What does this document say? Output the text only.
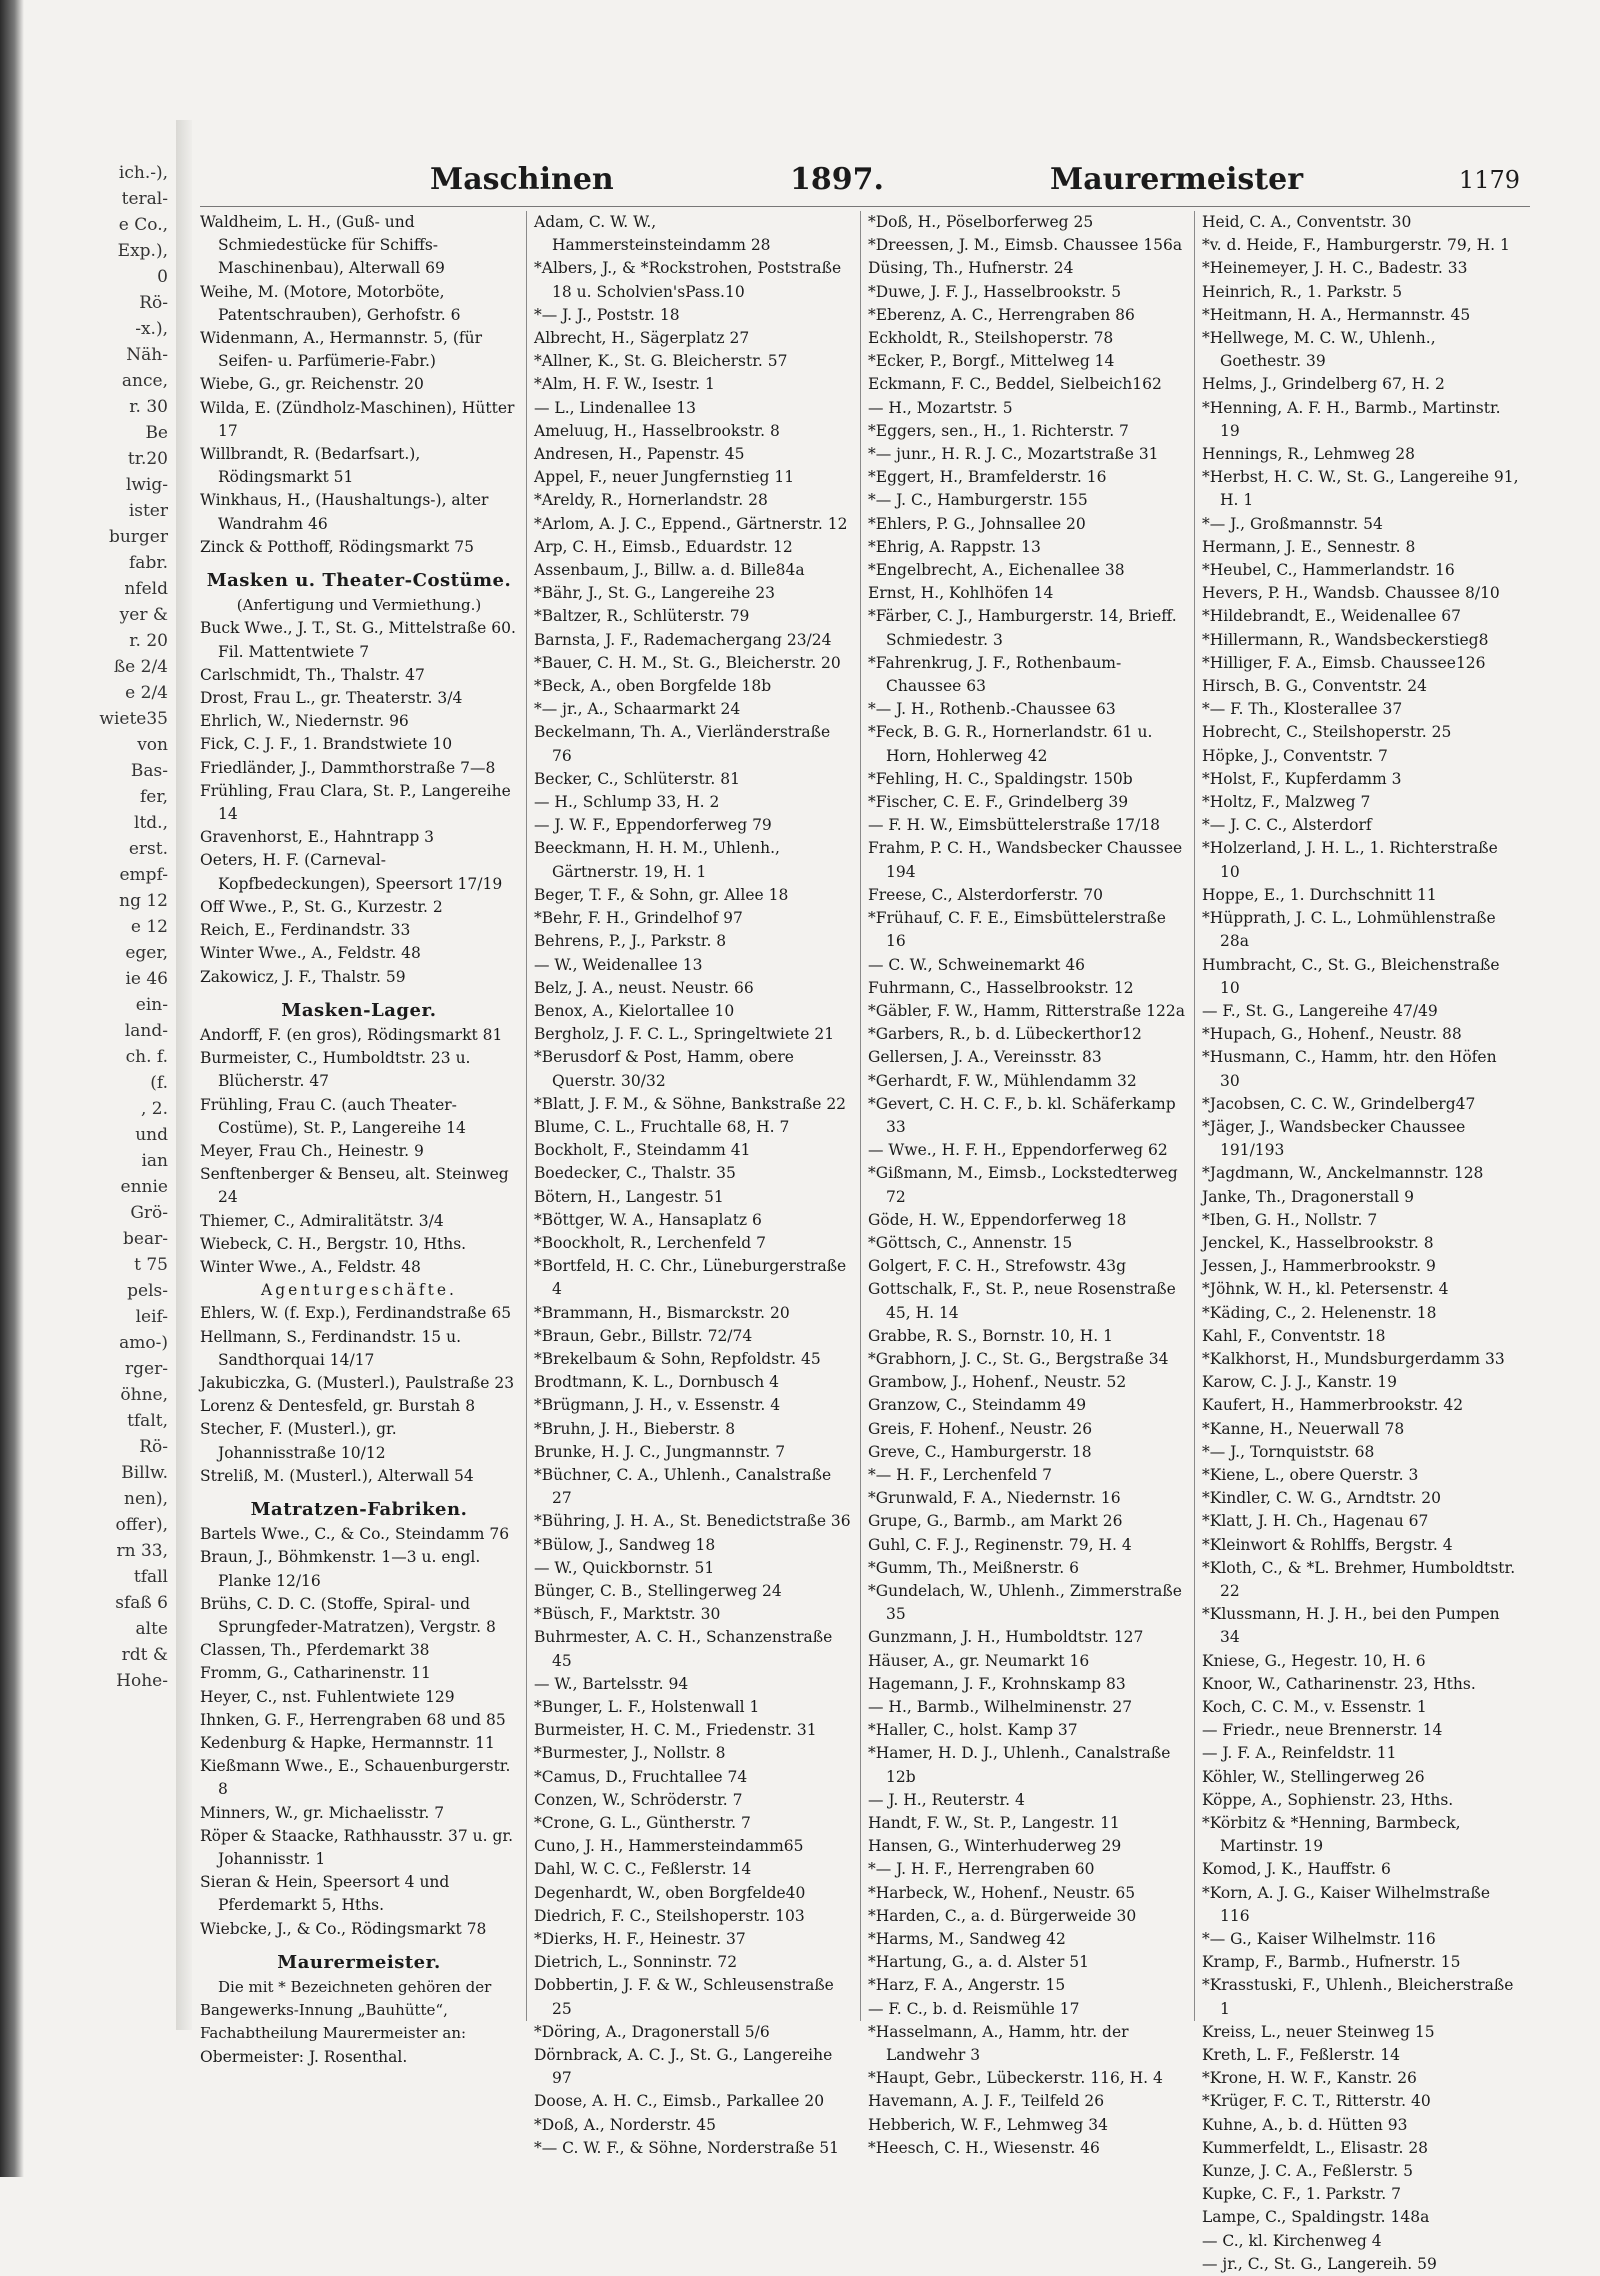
ich.-),
teral-
e Co.,
Exp.),
0
Rö-
-x.),
Näh-
ance,
r. 30
Be
tr.20
lwig-
ister
burger
fabr.
nfeld
yer &
r. 20
ße 2/4
e 2/4
wiete35
von
Bas-
fer,
ltd.,
erst.
empf-
ng 12
e 12
eger,
ie 46
ein-
land-
ch. f.
(f.
, 2.
und
ian
ennie
Grö-
bear-
t 75
pels-
leif-
amo-)
rger-
öhne,
tfalt,
Rö-
Billw.
nen),
offer),
rn 33,
tfall
sfaß 6
alte
rdt &
Hohe-
Maschinen	1897.	Maurermeister	1179

Waldheim, L. H., (Guß- und Schmiedestücke für Schiffs-Maschinenbau), Alterwall 69

Weihe, M. (Motore, Motorböte, Patentschrauben), Gerhofstr. 6

Widenmann, A., Hermannstr. 5, (für Seifen- u. Parfümerie-Fabr.)

Wiebe, G., gr. Reichenstr. 20

Wilda, E. (Zündholz-Maschinen), Hütter 17

Willbrandt, R. (Bedarfsart.), Rödingsmarkt 51

Winkhaus, H., (Haushaltungs-), alter Wandrahm 46

Zinck & Potthoff, Rödingsmarkt 75

Masken u. Theater-Costüme.
(Anfertigung und Vermiethung.)

Buck Wwe., J. T., St. G., Mittelstraße 60. Fil. Mattentwiete 7

Carlschmidt, Th., Thalstr. 47

Drost, Frau L., gr. Theaterstr. 3/4

Ehrlich, W., Niedernstr. 96

Fick, C. J. F., 1. Brandstwiete 10

Friedländer, J., Dammthorstraße 7—8

Frühling, Frau Clara, St. P., Langereihe 14

Gravenhorst, E., Hahntrapp 3

Oeters, H. F. (Carneval-Kopfbedeckungen), Speersort 17/19

Off Wwe., P., St. G., Kurzestr. 2

Reich, E., Ferdinandstr. 33

Winter Wwe., A., Feldstr. 48

Zakowicz, J. F., Thalstr. 59

Masken-Lager.

Andorff, F. (en gros), Rödingsmarkt 81

Burmeister, C., Humboldtstr. 23 u. Blücherstr. 47

Frühling, Frau C. (auch Theater-Costüme), St. P., Langereihe 14

Meyer, Frau Ch., Heinestr. 9

Senftenberger & Benseu, alt. Steinweg 24

Thiemer, C., Admiralitätstr. 3/4

Wiebeck, C. H., Bergstr. 10, Hths.

Winter Wwe., A., Feldstr. 48

Agenturgeschäfte.

Ehlers, W. (f. Exp.), Ferdinandstraße 65

Hellmann, S., Ferdinandstr. 15 u. Sandthorquai 14/17

Jakubiczka, G. (Musterl.), Paulstraße 23

Lorenz & Dentesfeld, gr. Burstah 8

Stecher, F. (Musterl.), gr. Johannisstraße 10/12

Streliß, M. (Musterl.), Alterwall 54

Matratzen-Fabriken.

Bartels Wwe., C., & Co., Steindamm 76

Braun, J., Böhmkenstr. 1—3 u. engl. Planke 12/16

Brühs, C. D. C. (Stoffe, Spiral- und Sprungfeder-Matratzen), Vergstr. 8

Classen, Th., Pferdemarkt 38

Fromm, G., Catharinenstr. 11

Heyer, C., nst. Fuhlentwiete 129

Ihnken, G. F., Herrengraben 68 und 85

Kedenburg & Hapke, Hermannstr. 11

Kießmann Wwe., E., Schauenburgerstr. 8

Minners, W., gr. Michaelisstr. 7

Röper & Staacke, Rathhausstr. 37 u. gr. Johannisstr. 1

Sieran & Hein, Speersort 4 und Pferdemarkt 5, Hths.

Wiebcke, J., & Co., Rödingsmarkt 78

Maurermeister.
Die mit * Bezeichneten gehören der Bangewerks-Innung „Bauhütte“, Fachabtheilung Maurermeister an:

Obermeister: J. Rosenthal.

Adam, C. W. W., Hammersteinsteindamm 28

*Albers, J., & *Rockstrohen, Poststraße 18 u. Scholvien'sPass.10

*— J. J., Poststr. 18

Albrecht, H., Sägerplatz 27

*Allner, K., St. G. Bleicherstr. 57

*Alm, H. F. W., Isestr. 1

— L., Lindenallee 13

Ameluug, H., Hasselbrookstr. 8

Andresen, H., Papenstr. 45

Appel, F., neuer Jungfernstieg 11

*Areldy, R., Hornerlandstr. 28

*Arlom, A. J. C., Eppend., Gärtnerstr. 12

Arp, C. H., Eimsb., Eduardstr. 12

Assenbaum, J., Billw. a. d. Bille84a

*Bähr, J., St. G., Langereihe 23

*Baltzer, R., Schlüterstr. 79

Barnsta, J. F., Rademachergang 23/24

*Bauer, C. H. M., St. G., Bleicherstr. 20

*Beck, A., oben Borgfelde 18b

*— jr., A., Schaarmarkt 24

Beckelmann, Th. A., Vierländerstraße 76

Becker, C., Schlüterstr. 81

— H., Schlump 33, H. 2

— J. W. F., Eppendorferweg 79

Beeckmann, H. H. M., Uhlenh., Gärtnerstr. 19, H. 1

Beger, T. F., & Sohn, gr. Allee 18

*Behr, F. H., Grindelhof 97

Behrens, P., J., Parkstr. 8

— W., Weidenallee 13

Belz, J. A., neust. Neustr. 66

Benox, A., Kielortallee 10

Bergholz, J. F. C. L., Springeltwiete 21

*Berusdorf & Post, Hamm, obere Querstr. 30/32

*Blatt, J. F. M., & Söhne, Bankstraße 22

Blume, C. L., Fruchtalle 68, H. 7

Bockholt, F., Steindamm 41

Boedecker, C., Thalstr. 35

Bötern, H., Langestr. 51

*Böttger, W. A., Hansaplatz 6

*Boockholt, R., Lerchenfeld 7

*Bortfeld, H. C. Chr., Lüneburgerstraße 4

*Brammann, H., Bismarckstr. 20

*Braun, Gebr., Billstr. 72/74

*Brekelbaum & Sohn, Repfoldstr. 45

Brodtmann, K. L., Dornbusch 4

*Brügmann, J. H., v. Essenstr. 4

*Bruhn, J. H., Bieberstr. 8

Brunke, H. J. C., Jungmannstr. 7

*Büchner, C. A., Uhlenh., Canalstraße 27

*Bühring, J. H. A., St. Benedictstraße 36

*Bülow, J., Sandweg 18

— W., Quickbornstr. 51

Bünger, C. B., Stellingerweg 24

*Büsch, F., Marktstr. 30

Buhrmester, A. C. H., Schanzenstraße 45

— W., Bartelsstr. 94

*Bunger, L. F., Holstenwall 1

Burmeister, H. C. M., Friedenstr. 31

*Burmester, J., Nollstr. 8

*Camus, D., Fruchtallee 74

Conzen, W., Schröderstr. 7

*Crone, G. L., Güntherstr. 7

Cuno, J. H., Hammersteindamm65

Dahl, W. C. C., Feßlerstr. 14

Degenhardt, W., oben Borgfelde40

Diedrich, F. C., Steilshoperstr. 103

*Dierks, H. F., Heinestr. 37

Dietrich, L., Sonninstr. 72

Dobbertin, J. F. & W., Schleusenstraße 25

*Döring, A., Dragonerstall 5/6

Dörnbrack, A. C. J., St. G., Langereihe 97

Doose, A. H. C., Eimsb., Parkallee 20

*Doß, A., Norderstr. 45

*— C. W. F., & Söhne, Norderstraße 51

*Doß, H., Pöselborferweg 25

*Dreessen, J. M., Eimsb. Chaussee 156a

Düsing, Th., Hufnerstr. 24

*Duwe, J. F. J., Hasselbrookstr. 5

*Eberenz, A. C., Herrengraben 86

Eckholdt, R., Steilshoperstr. 78

*Ecker, P., Borgf., Mittelweg 14

Eckmann, F. C., Beddel, Sielbeich162

— H., Mozartstr. 5

*Eggers, sen., H., 1. Richterstr. 7

*— junr., H. R. J. C., Mozartstraße 31

*Eggert, H., Bramfelderstr. 16

*— J. C., Hamburgerstr. 155

*Ehlers, P. G., Johnsallee 20

*Ehrig, A. Rappstr. 13

*Engelbrecht, A., Eichenallee 38

Ernst, H., Kohlhöfen 14

*Färber, C. J., Hamburgerstr. 14, Brieff. Schmiedestr. 3

*Fahrenkrug, J. F., Rothenbaum-Chaussee 63

*— J. H., Rothenb.-Chaussee 63

*Feck, B. G. R., Hornerlandstr. 61 u. Horn, Hohlerweg 42

*Fehling, H. C., Spaldingstr. 150b

*Fischer, C. E. F., Grindelberg 39

— F. H. W., Eimsbüttelerstraße 17/18

Frahm, P. C. H., Wandsbecker Chaussee 194

Freese, C., Alsterdorferstr. 70

*Frühauf, C. F. E., Eimsbüttelerstraße 16

— C. W., Schweinemarkt 46

Fuhrmann, C., Hasselbrookstr. 12

*Gäbler, F. W., Hamm, Ritterstraße 122a

*Garbers, R., b. d. Lübeckerthor12

Gellersen, J. A., Vereinsstr. 83

*Gerhardt, F. W., Mühlendamm 32

*Gevert, C. H. C. F., b. kl. Schäferkamp 33

— Wwe., H. F. H., Eppendorferweg 62

*Gißmann, M., Eimsb., Lockstedterweg 72

Göde, H. W., Eppendorferweg 18

*Göttsch, C., Annenstr. 15

Golgert, F. C. H., Strefowstr. 43g

Gottschalk, F., St. P., neue Rosenstraße 45, H. 14

Grabbe, R. S., Bornstr. 10, H. 1

*Grabhorn, J. C., St. G., Bergstraße 34

Grambow, J., Hohenf., Neustr. 52

Granzow, C., Steindamm 49

Greis, F. Hohenf., Neustr. 26

Greve, C., Hamburgerstr. 18

*— H. F., Lerchenfeld 7

*Grunwald, F. A., Niedernstr. 16

Grupe, G., Barmb., am Markt 26

Guhl, C. F. J., Reginenstr. 79, H. 4

*Gumm, Th., Meißnerstr. 6

*Gundelach, W., Uhlenh., Zimmerstraße 35

Gunzmann, J. H., Humboldtstr. 127

Häuser, A., gr. Neumarkt 16

Hagemann, J. F., Krohnskamp 83

— H., Barmb., Wilhelminenstr. 27

*Haller, C., holst. Kamp 37

*Hamer, H. D. J., Uhlenh., Canalstraße 12b

— J. H., Reuterstr. 4

Handt, F. W., St. P., Langestr. 11

Hansen, G., Winterhuderweg 29

*— J. H. F., Herrengraben 60

*Harbeck, W., Hohenf., Neustr. 65

*Harden, C., a. d. Bürgerweide 30

*Harms, M., Sandweg 42

*Hartung, G., a. d. Alster 51

*Harz, F. A., Angerstr. 15

— F. C., b. d. Reismühle 17

*Hasselmann, A., Hamm, htr. der Landwehr 3

*Haupt, Gebr., Lübeckerstr. 116, H. 4

Havemann, A. J. F., Teilfeld 26

Hebberich, W. F., Lehmweg 34

*Heesch, C. H., Wiesenstr. 46

Heid, C. A., Conventstr. 30

*v. d. Heide, F., Hamburgerstr. 79, H. 1

*Heinemeyer, J. H. C., Badestr. 33

Heinrich, R., 1. Parkstr. 5

*Heitmann, H. A., Hermannstr. 45

*Hellwege, M. C. W., Uhlenh., Goethestr. 39

Helms, J., Grindelberg 67, H. 2

*Henning, A. F. H., Barmb., Martinstr. 19

Hennings, R., Lehmweg 28

*Herbst, H. C. W., St. G., Langereihe 91, H. 1

*— J., Großmannstr. 54

Hermann, J. E., Sennestr. 8

*Heubel, C., Hammerlandstr. 16

Hevers, P. H., Wandsb. Chaussee 8/10

*Hildebrandt, E., Weidenallee 67

*Hillermann, R., Wandsbeckerstieg8

*Hilliger, F. A., Eimsb. Chaussee126

Hirsch, B. G., Conventstr. 24

*— F. Th., Klosterallee 37

Hobrecht, C., Steilshoperstr. 25

Höpke, J., Conventstr. 7

*Holst, F., Kupferdamm 3

*Holtz, F., Malzweg 7

*— J. C. C., Alsterdorf

*Holzerland, J. H. L., 1. Richterstraße 10

Hoppe, E., 1. Durchschnitt 11

*Hüpprath, J. C. L., Lohmühlenstraße 28a

Humbracht, C., St. G., Bleichenstraße 10

— F., St. G., Langereihe 47/49

*Hupach, G., Hohenf., Neustr. 88

*Husmann, C., Hamm, htr. den Höfen 30

*Jacobsen, C. C. W., Grindelberg47

*Jäger, J., Wandsbecker Chaussee 191/193

*Jagdmann, W., Anckelmannstr. 128

Janke, Th., Dragonerstall 9

*Iben, G. H., Nollstr. 7

Jenckel, K., Hasselbrookstr. 8

Jessen, J., Hammerbrookstr. 9

*Jöhnk, W. H., kl. Petersenstr. 4

*Käding, C., 2. Helenenstr. 18

Kahl, F., Conventstr. 18

*Kalkhorst, H., Mundsburgerdamm 33

Karow, C. J. J., Kanstr. 19

Kaufert, H., Hammerbrookstr. 42

*Kanne, H., Neuerwall 78

*— J., Tornquiststr. 68

*Kiene, L., obere Querstr. 3

*Kindler, C. W. G., Arndtstr. 20

*Klatt, J. H. Ch., Hagenau 67

*Kleinwort & Rohlffs, Bergstr. 4

*Kloth, C., & *L. Brehmer, Humboldtstr. 22

*Klussmann, H. J. H., bei den Pumpen 34

Kniese, G., Hegestr. 10, H. 6

Knoor, W., Catharinenstr. 23, Hths.

Koch, C. C. M., v. Essenstr. 1

— Friedr., neue Brennerstr. 14

— J. F. A., Reinfeldstr. 11

Köhler, W., Stellingerweg 26

Köppe, A., Sophienstr. 23, Hths.

*Körbitz & *Henning, Barmbeck, Martinstr. 19

Komod, J. K., Hauffstr. 6

*Korn, A. J. G., Kaiser Wilhelmstraße 116

*— G., Kaiser Wilhelmstr. 116

Kramp, F., Barmb., Hufnerstr. 15

*Krasstuski, F., Uhlenh., Bleicherstraße 1

Kreiss, L., neuer Steinweg 15

Kreth, L. F., Feßlerstr. 14

*Krone, H. W. F., Kanstr. 26

*Krüger, F. C. T., Ritterstr. 40

Kuhne, A., b. d. Hütten 93

Kummerfeldt, L., Elisastr. 28

Kunze, J. C. A., Feßlerstr. 5

Kupke, C. F., 1. Parkstr. 7

Lampe, C., Spaldingstr. 148a

— C., kl. Kirchenweg 4

— jr., C., St. G., Langereih. 59
